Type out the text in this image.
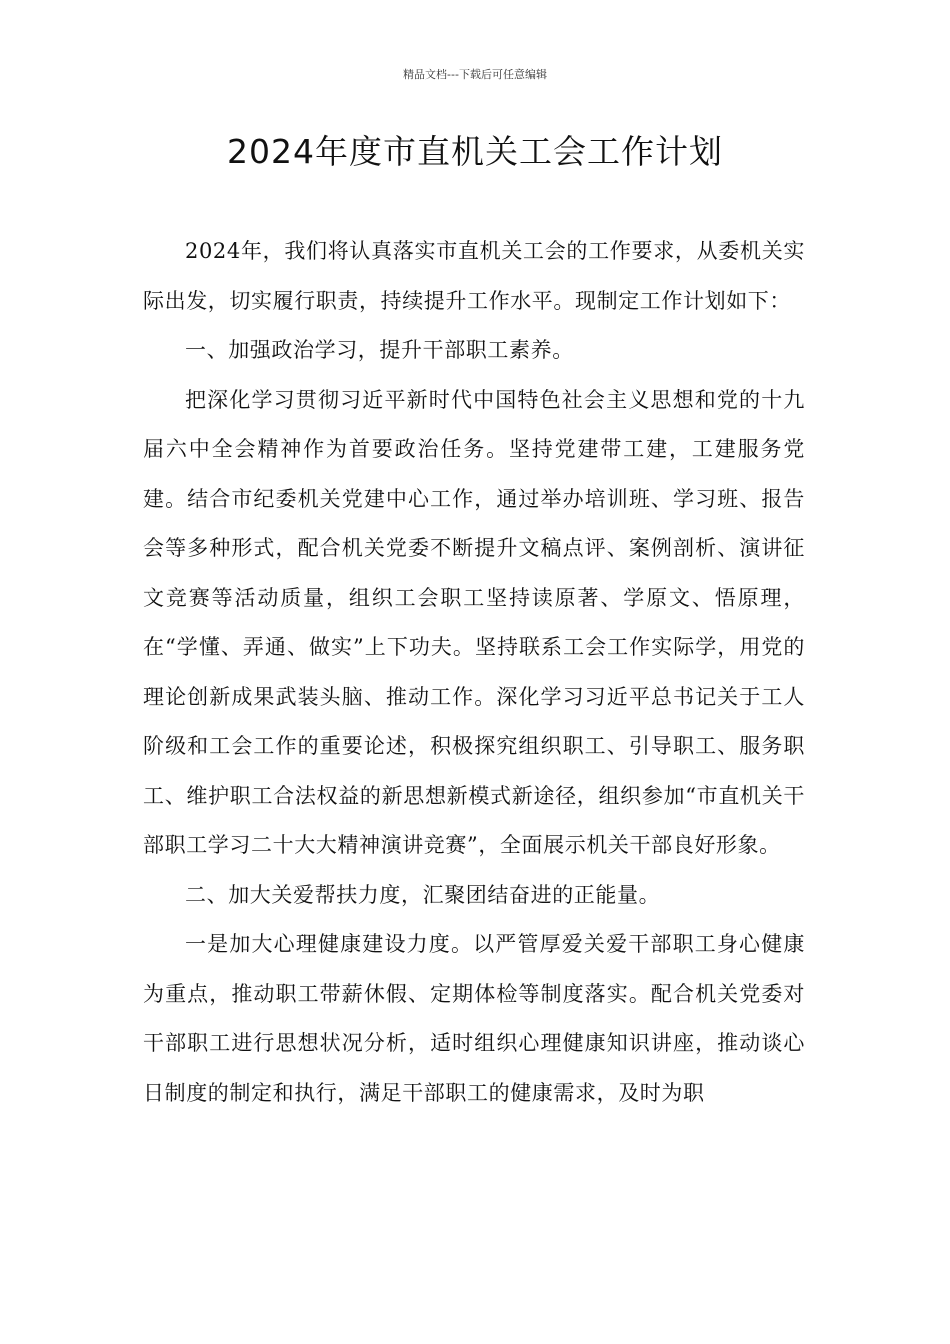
精品文档---下载后可任意编辑
2024年度市直机关工会工作计划

2024年，我们将认真落实市直机关工会的工作要求，从委机关实际出发，切实履行职责，持续提升工作水平。现制定工作计划如下：

一、加强政治学习，提升干部职工素养。

把深化学习贯彻习近平新时代中国特色社会主义思想和党的十九届六中全会精神作为首要政治任务。坚持党建带工建，工建服务党建。结合市纪委机关党建中心工作，通过举办培训班、学习班、报告会等多种形式，配合机关党委不断提升文稿点评、案例剖析、演讲征文竞赛等活动质量，组织工会职工坚持读原著、学原文、悟原理，在“学懂、弄通、做实”上下功夫。坚持联系工会工作实际学，用党的理论创新成果武装头脑、推动工作。深化学习习近平总书记关于工人阶级和工会工作的重要论述，积极探究组织职工、引导职工、服务职工、维护职工合法权益的新思想新模式新途径，组织参加“市直机关干部职工学习二十大大精神演讲竞赛”，全面展示机关干部良好形象。

二、加大关爱帮扶力度，汇聚团结奋进的正能量。

一是加大心理健康建设力度。以严管厚爱关爱干部职工身心健康为重点，推动职工带薪休假、定期体检等制度落实。配合机关党委对干部职工进行思想状况分析，适时组织心理健康知识讲座，推动谈心日制度的制定和执行，满足干部职工的健康需求，及时为职
